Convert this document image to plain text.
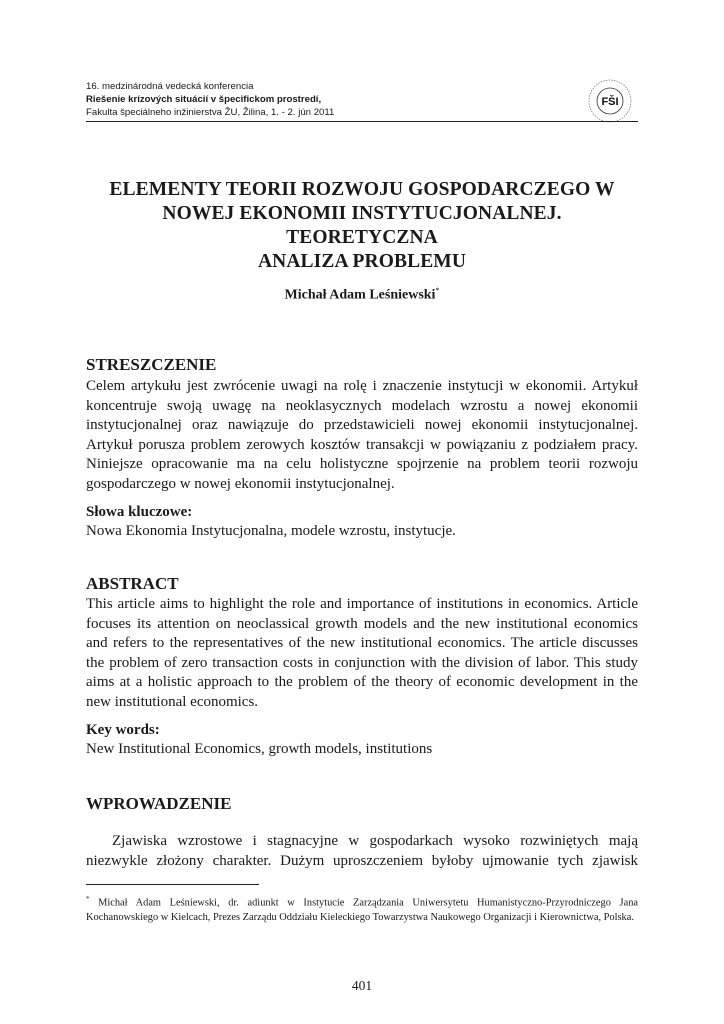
16. medzinárodná vedecká konferencia
Riešenie krízových situácií v špecifickom prostredí,
Fakulta špeciálneho inžinierstva ŽU, Žilina, 1. - 2. jún 2011
FŠI
ELEMENTY TEORII ROZWOJU GOSPODARCZEGO W
NOWEJ EKONOMII INSTYTUCJONALNEJ. TEORETYCZNA
ANALIZA PROBLEMU
Michał Adam Leśniewski*
STRESZCZENIE
Celem artykułu jest zwrócenie uwagi na rolę i znaczenie instytucji w ekonomii. Artykuł koncentruje swoją uwagę na neoklasycznych modelach wzrostu a nowej ekonomii instytucjonalnej oraz nawiązuje do przedstawicieli nowej ekonomii instytucjonalnej. Artykuł porusza problem zerowych kosztów transakcji w powiązaniu z podziałem pracy. Niniejsze opracowanie ma na celu holistyczne spojrzenie na problem teorii rozwoju gospodarczego w nowej ekonomii instytucjonalnej.
Słowa kluczowe:
Nowa Ekonomia Instytucjonalna, modele wzrostu, instytucje.
ABSTRACT
This article aims to highlight the role and importance of institutions in economics. Article focuses its attention on neoclassical growth models and the new institutional economics and refers to the representatives of the new institutional economics. The article discusses the problem of zero transaction costs in conjunction with the division of labor. This study aims at a holistic approach to the problem of the theory of economic development in the new institutional economics.
Key words:
New Institutional Economics, growth models, institutions
WPROWADZENIE
Zjawiska wzrostowe i stagnacyjne w gospodarkach wysoko rozwiniętych mają niezwykle złożony charakter. Dużym uproszczeniem byłoby ujmowanie tych zjawisk
* Michał Adam Leśniewski, dr. adiunkt w Instytucie Zarządzania Uniwersytetu Humanistyczno-Przyrodniczego Jana Kochanowskiego w Kielcach, Prezes Zarządu Oddziału Kieleckiego Towarzystwa Naukowego Organizacji i Kierownictwa, Polska.
401
